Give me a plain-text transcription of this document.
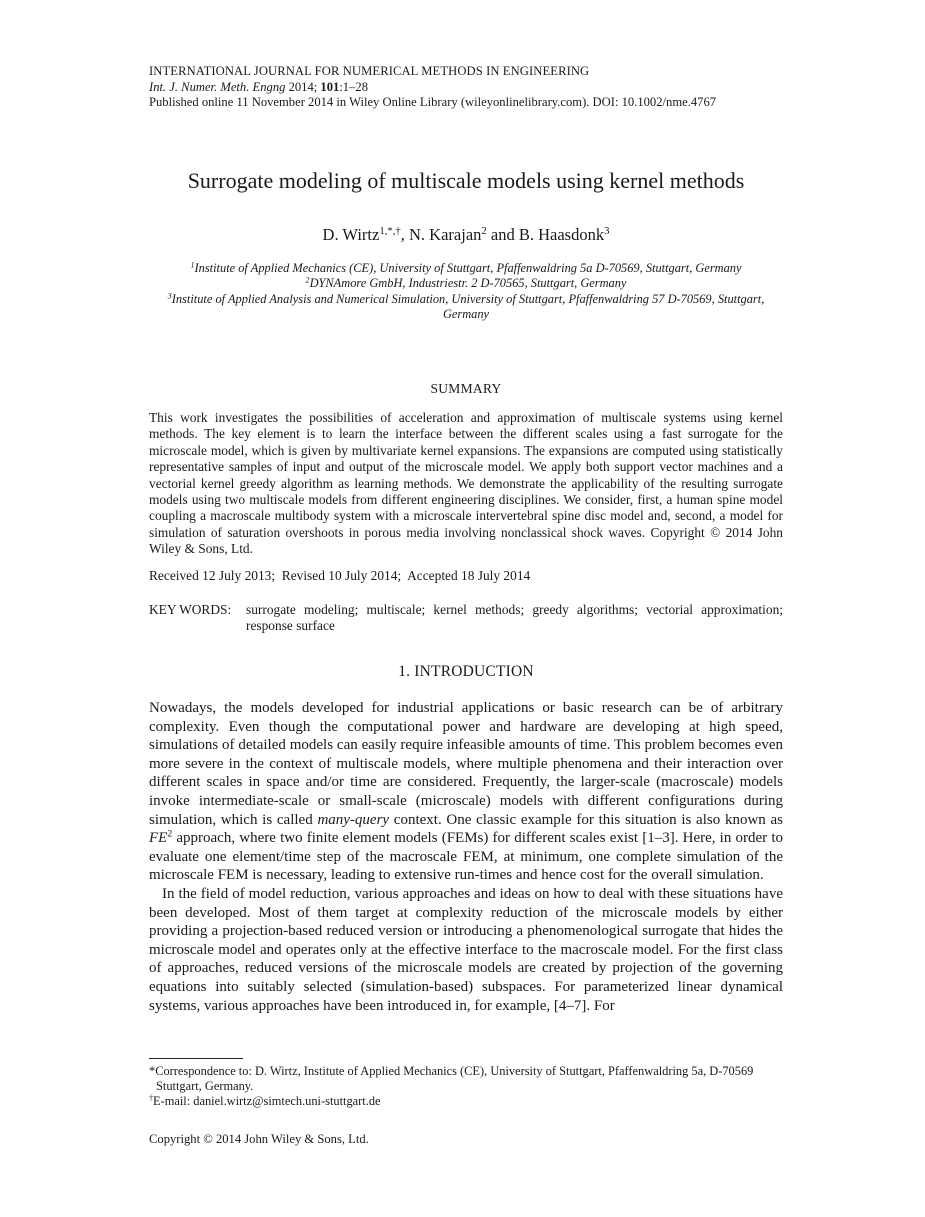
INTERNATIONAL JOURNAL FOR NUMERICAL METHODS IN ENGINEERING
Int. J. Numer. Meth. Engng 2014; 101:1–28
Published online 11 November 2014 in Wiley Online Library (wileyonlinelibrary.com). DOI: 10.1002/nme.4767
Surrogate modeling of multiscale models using kernel methods
D. Wirtz$^{1,*,\dagger}$, N. Karajan$^2$ and B. Haasdonk$^3$
$^1$Institute of Applied Mechanics (CE), University of Stuttgart, Pfaffenwaldring 5a D-70569, Stuttgart, Germany
$^2$DYNAmore GmbH, Industriestr. 2 D-70565, Stuttgart, Germany
$^3$Institute of Applied Analysis and Numerical Simulation, University of Stuttgart, Pfaffenwaldring 57 D-70569, Stuttgart, Germany
SUMMARY
This work investigates the possibilities of acceleration and approximation of multiscale systems using kernel methods. The key element is to learn the interface between the different scales using a fast surrogate for the microscale model, which is given by multivariate kernel expansions. The expansions are computed using statistically representative samples of input and output of the microscale model. We apply both support vector machines and a vectorial kernel greedy algorithm as learning methods. We demonstrate the applicability of the resulting surrogate models using two multiscale models from different engineering disciplines. We consider, first, a human spine model coupling a macroscale multibody system with a microscale intervertebral spine disc model and, second, a model for simulation of saturation overshoots in porous media involving nonclassical shock waves. Copyright © 2014 John Wiley & Sons, Ltd.
Received 12 July 2013;  Revised 10 July 2014;  Accepted 18 July 2014
KEY WORDS:	surrogate modeling; multiscale; kernel methods; greedy algorithms; vectorial approximation; response surface
1. INTRODUCTION

Nowadays, the models developed for industrial applications or basic research can be of arbitrary complexity. Even though the computational power and hardware are developing at high speed, simulations of detailed models can easily require infeasible amounts of time. This problem becomes even more severe in the context of multiscale models, where multiple phenomena and their interaction over different scales in space and/or time are considered. Frequently, the larger-scale (macroscale) models invoke intermediate-scale or small-scale (microscale) models with different configurations during simulation, which is called many-query context. One classic example for this situation is also known as $FE^2$ approach, where two finite element models (FEMs) for different scales exist [1–3]. Here, in order to evaluate one element/time step of the macroscale FEM, at minimum, one complete simulation of the microscale FEM is necessary, leading to extensive run-times and hence cost for the overall simulation.

In the field of model reduction, various approaches and ideas on how to deal with these situations have been developed. Most of them target at complexity reduction of the microscale models by either providing a projection-based reduced version or introducing a phenomenological surrogate that hides the microscale model and operates only at the effective interface to the macroscale model. For the first class of approaches, reduced versions of the microscale models are created by projection of the governing equations into suitably selected (simulation-based) subspaces. For parameterized linear dynamical systems, various approaches have been introduced in, for example, [4–7]. For

*Correspondence to: D. Wirtz, Institute of Applied Mechanics (CE), University of Stuttgart, Pfaffenwaldring 5a, D-70569 Stuttgart, Germany.
†E-mail: daniel.wirtz@simtech.uni-stuttgart.de
Copyright © 2014 John Wiley & Sons, Ltd.
